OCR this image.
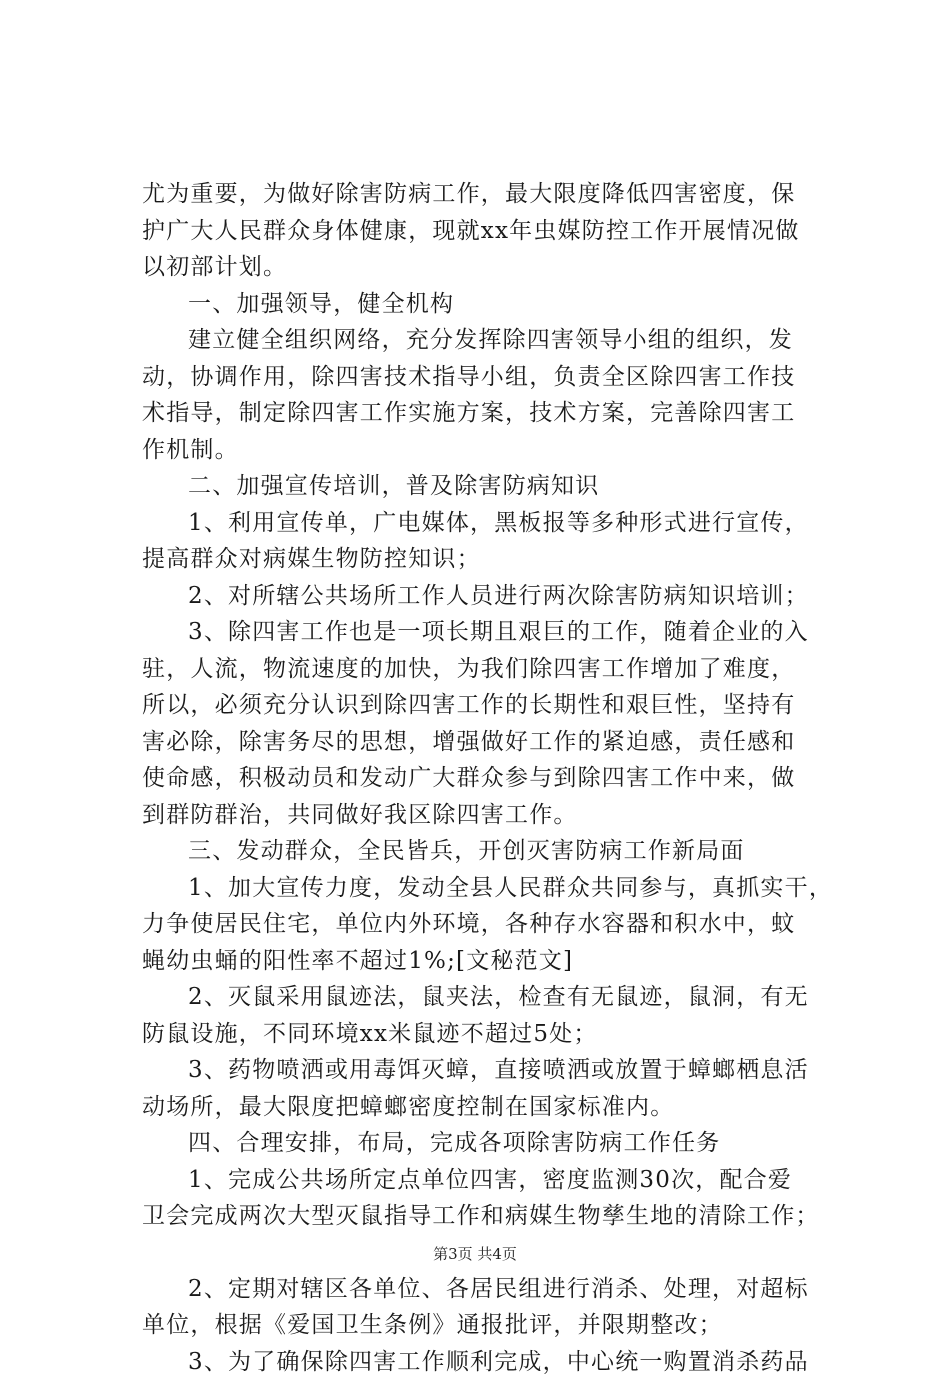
尤为重要，为做好除害防病工作，最大限度降低四害密度，保
护广大人民群众身体健康，现就xx年虫媒防控工作开展情况做
以初部计划。
一、加强领导，健全机构
建立健全组织网络，充分发挥除四害领导小组的组织，发
动，协调作用，除四害技术指导小组，负责全区除四害工作技
术指导，制定除四害工作实施方案，技术方案，完善除四害工
作机制。
二、加强宣传培训，普及除害防病知识
1、利用宣传单，广电媒体，黑板报等多种形式进行宣传，
提高群众对病媒生物防控知识；
2、对所辖公共场所工作人员进行两次除害防病知识培训；
3、除四害工作也是一项长期且艰巨的工作，随着企业的入
驻，人流，物流速度的加快，为我们除四害工作增加了难度，
所以，必须充分认识到除四害工作的长期性和艰巨性，坚持有
害必除，除害务尽的思想，增强做好工作的紧迫感，责任感和
使命感，积极动员和发动广大群众参与到除四害工作中来，做
到群防群治，共同做好我区除四害工作。
三、发动群众，全民皆兵，开创灭害防病工作新局面
1、加大宣传力度，发动全县人民群众共同参与，真抓实干，
力争使居民住宅，单位内外环境，各种存水容器和积水中，蚊
蝇幼虫蛹的阳性率不超过1%;[文秘范文]
2、灭鼠采用鼠迹法，鼠夹法，检查有无鼠迹，鼠洞，有无
防鼠设施，不同环境xx米鼠迹不超过5处；
3、药物喷洒或用毒饵灭蟑，直接喷洒或放置于蟑螂栖息活
动场所，最大限度把蟑螂密度控制在国家标准内。
四、合理安排，布局，完成各项除害防病工作任务
1、完成公共场所定点单位四害，密度监测30次，配合爱
卫会完成两次大型灭鼠指导工作和病媒生物孳生地的清除工作；
2、定期对辖区各单位、各居民组进行消杀、处理，对超标
单位，根据《爱国卫生条例》通报批评，并限期整改；
3、为了确保除四害工作顺利完成，中心统一购置消杀药品
第3页 共4页
